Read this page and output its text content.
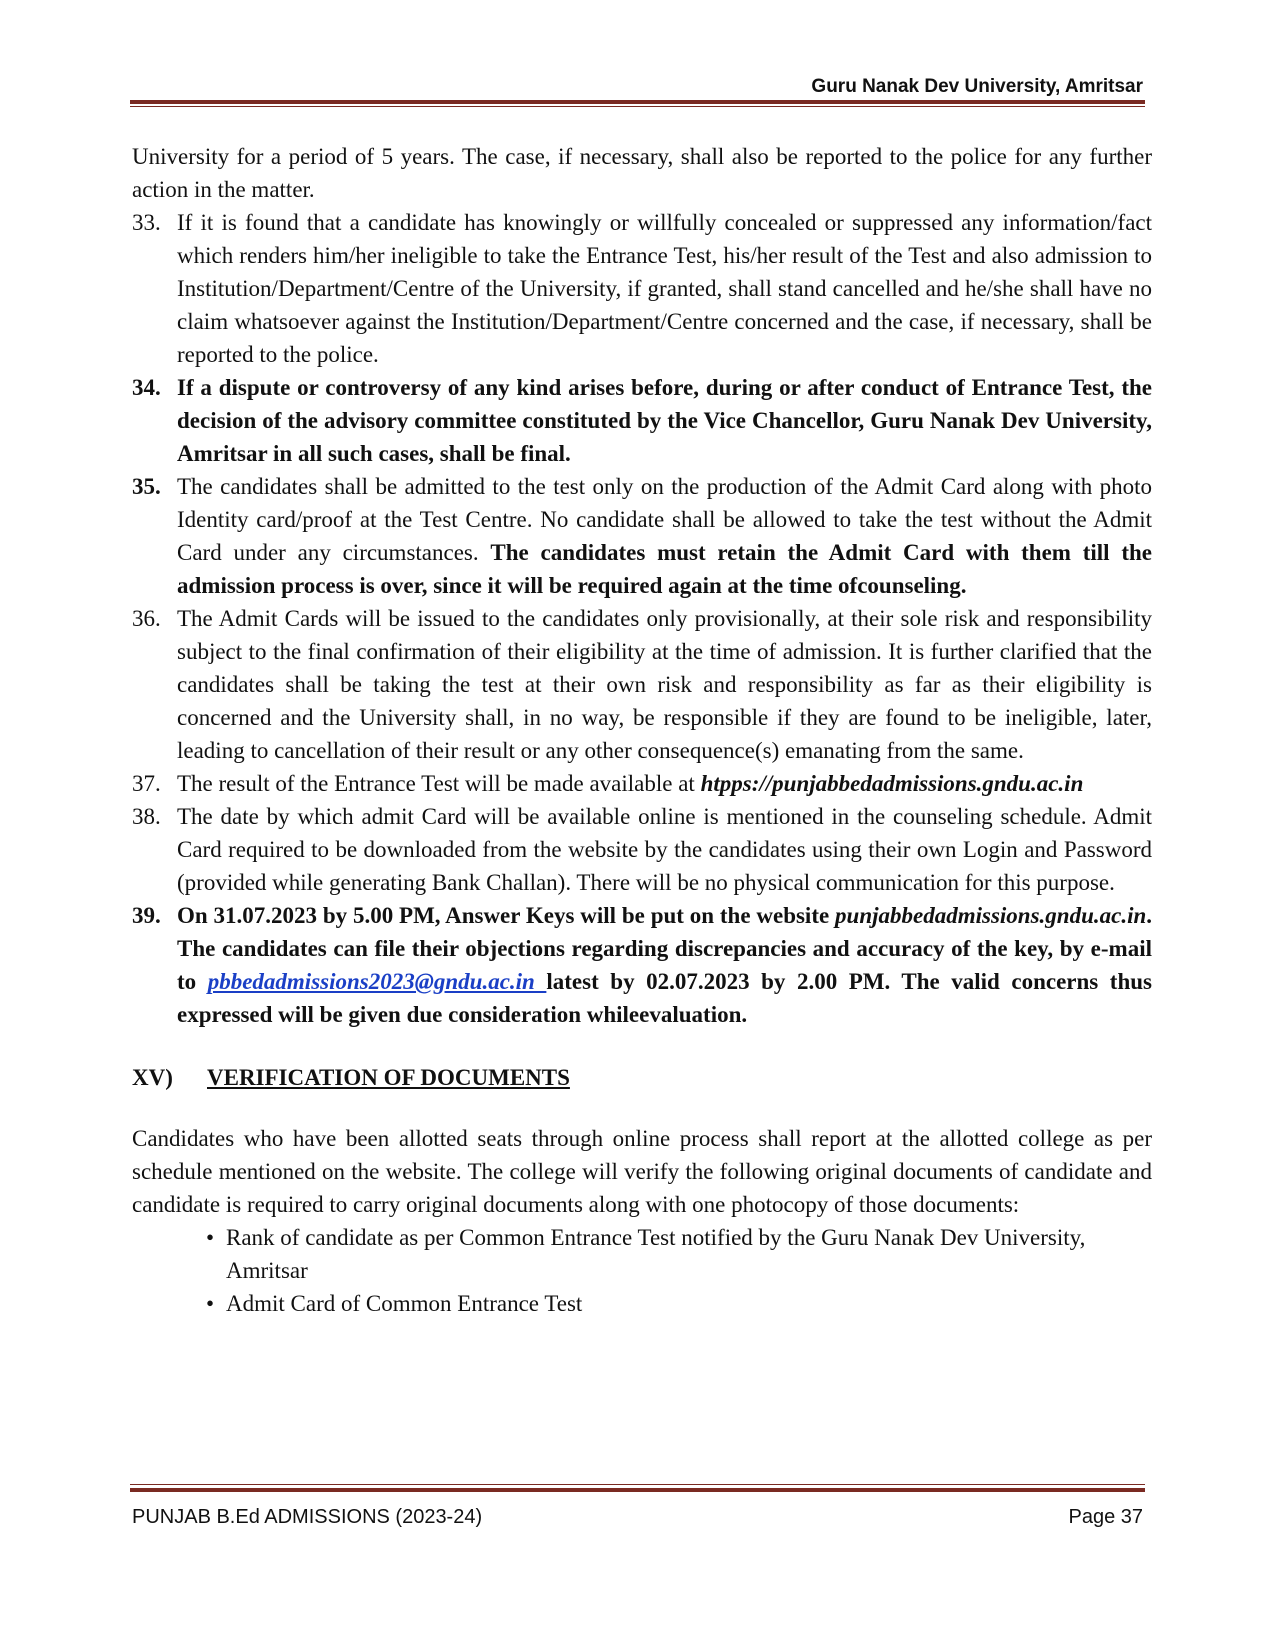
Guru Nanak Dev University, Amritsar

University for a period of 5 years. The case, if necessary, shall also be reported to the police for any further action in the matter.

33. If it is found that a candidate has knowingly or willfully concealed or suppressed any information/fact which renders him/her ineligible to take the Entrance Test, his/her result of the Test and also admission to Institution/Department/Centre of the University, if granted, shall stand cancelled and he/she shall have no claim whatsoever against the Institution/Department/Centre concerned and the case, if necessary, shall be reported to the police.
34. If a dispute or controversy of any kind arises before, during or after conduct of Entrance Test, the decision of the advisory committee constituted by the Vice Chancellor, Guru Nanak Dev University, Amritsar in all such cases, shall be final.
35. The candidates shall be admitted to the test only on the production of the Admit Card along with photo Identity card/proof at the Test Centre. No candidate shall be allowed to take the test without the Admit Card under any circumstances. The candidates must retain the Admit Card with them till the admission process is over, since it will be required again at the time ofcounseling.
36. The Admit Cards will be issued to the candidates only provisionally, at their sole risk and responsibility subject to the final confirmation of their eligibility at the time of admission. It is further clarified that the candidates shall be taking the test at their own risk and responsibility as far as their eligibility is concerned and the University shall, in no way, be responsible if they are found to be ineligible, later, leading to cancellation of their result or any other consequence(s) emanating from the same.
37. The result of the Entrance Test will be made available at htpps://punjabbedadmissions.gndu.ac.in
38. The date by which admit Card will be available online is mentioned in the counseling schedule. Admit Card required to be downloaded from the website by the candidates using their own Login and Password (provided while generating Bank Challan). There will be no physical communication for this purpose.
39. On 31.07.2023 by 5.00 PM, Answer Keys will be put on the website punjabbedadmissions.gndu.ac.in. The candidates can file their objections regarding discrepancies and accuracy of the key, by e-mail to pbbedadmissions2023@gndu.ac.in latest by 02.07.2023 by 2.00 PM. The valid concerns thus expressed will be given due consideration whileevaluation.
XV)	VERIFICATION OF DOCUMENTS

Candidates who have been allotted seats through online process shall report at the allotted college as per schedule mentioned on the website. The college will verify the following original documents of candidate and candidate is required to carry original documents along with one photocopy of those documents:

• Rank of candidate as per Common Entrance Test notified by the Guru Nanak Dev University, Amritsar
• Admit Card of Common Entrance Test
PUNJAB B.Ed ADMISSIONS (2023-24)	Page 37
